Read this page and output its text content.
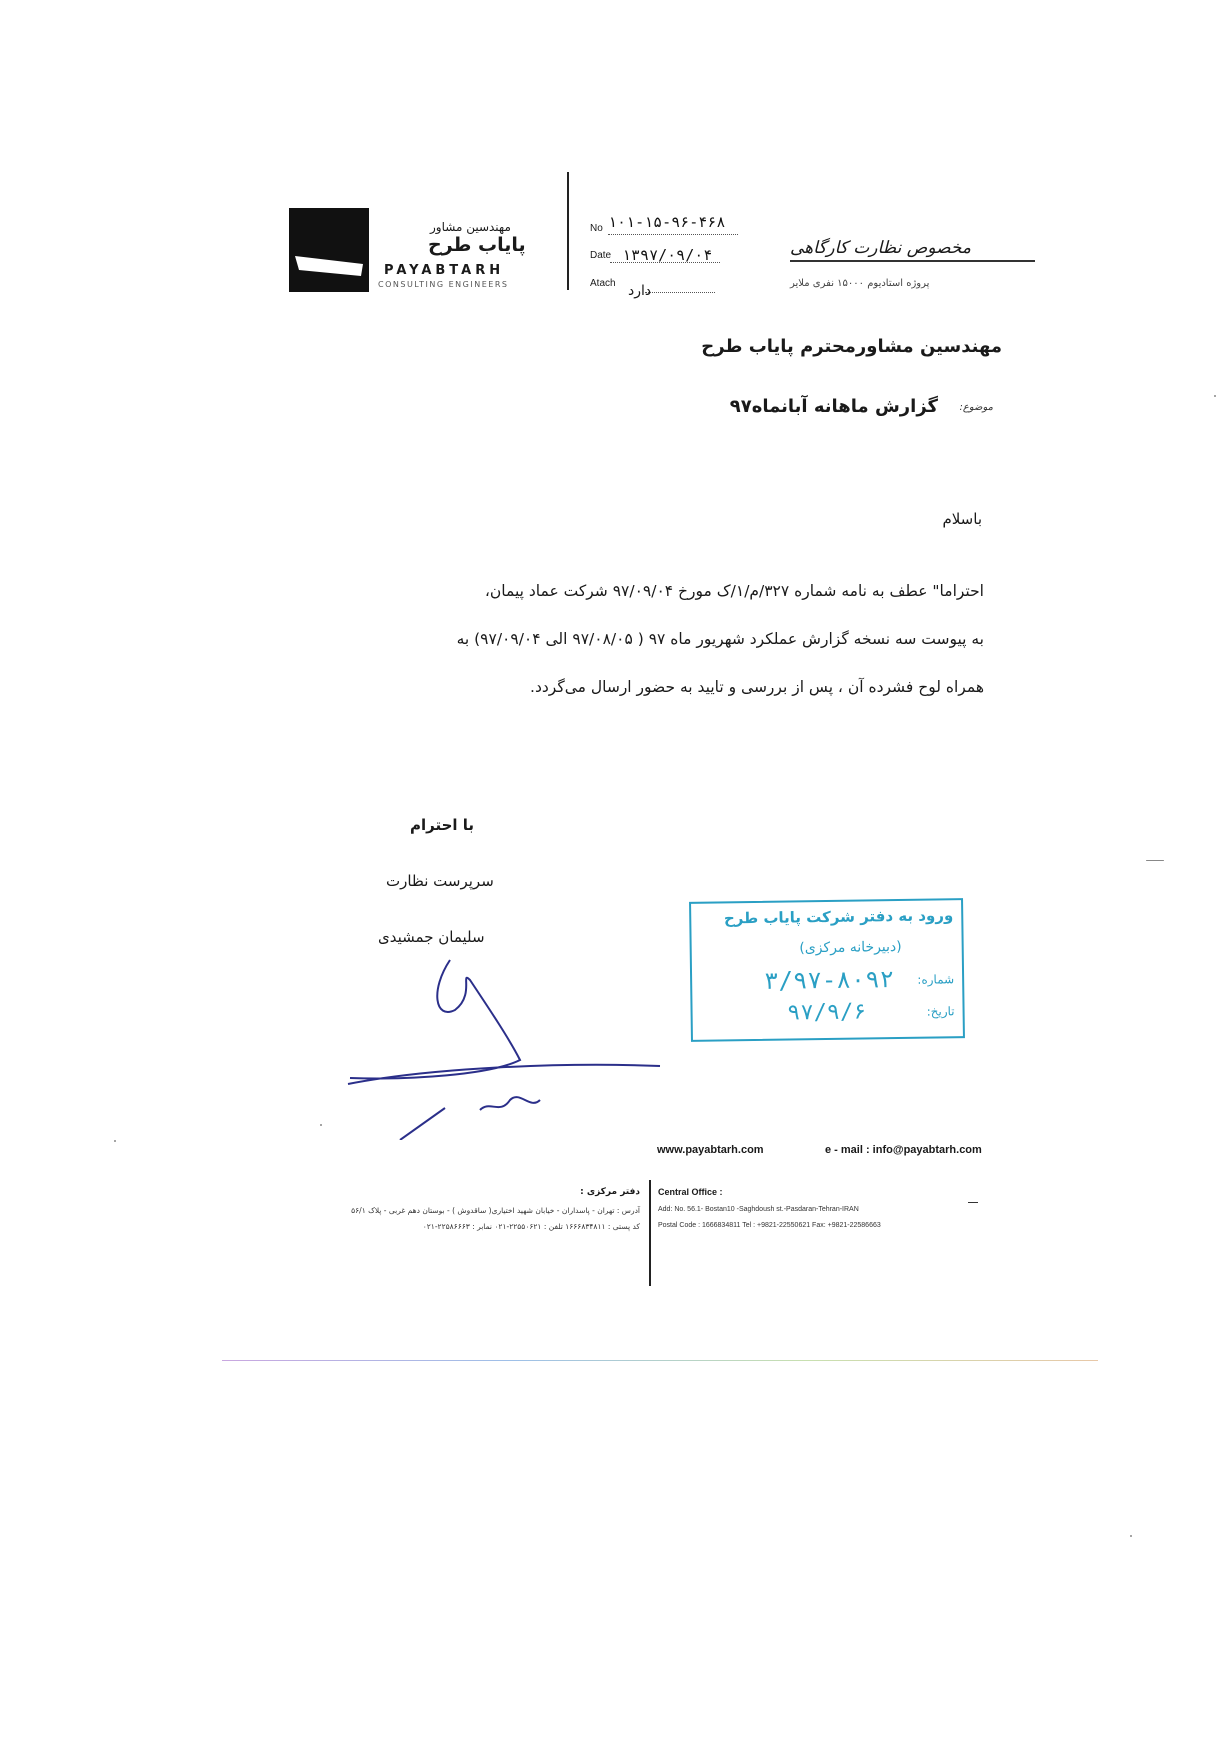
مهندسین مشاور
پایاب طرح
PAYABTARH
CONSULTING ENGINEERS
No ۱۰۱-۱۵-۹۶-۴۶۸
Date ۱۳۹۷/۰۹/۰۴
Atach دارد
مخصوص نظارت کارگاهی
پروژه استادیوم ۱۵۰۰۰ نفری ملایر
مهندسین مشاورمحترم پایاب طرح
موضوع:
گزارش ماهانه آبانماه۹۷
باسلام
احتراما" عطف به نامه شماره ۳۲۷/م/۱/ک مورخ ۹۷/۰۹/۰۴ شرکت عماد پیمان،
به پیوست سه نسخه گزارش عملکرد شهریور ماه ۹۷ ( ۹۷/۰۸/۰۵ الی ۹۷/۰۹/۰۴) به
همراه لوح فشرده آن ، پس از بررسی و تایید به حضور ارسال می‌گردد.
با احترام
سرپرست نظارت
سلیمان جمشیدی
ورود به دفتر شرکت پایاب طرح
(دبیرخانه مرکزی)
شماره:
۳/۹۷-۸۰۹۲
تاریخ:
۹۷/۹/۶
www.payabtarh.com	e - mail : info@payabtarh.com
Central Office :
Add: No. 56.1- Bostan10 -Saghdoush st.-Pasdaran-Tehran-IRAN
Postal Code : 1666834811 Tel : +9821-22550621 Fax: +9821-22586663
دفتر مرکزی :
آدرس : تهران - پاسداران - خیابان شهید اختیاری( ساقدوش ) - بوستان دهم غربی - پلاک ۵۶/۱
کد پستی : ۱۶۶۶۸۳۴۸۱۱ تلفن : ۲۲۵۵۰۶۲۱-۰۲۱ نمابر : ۲۲۵۸۶۶۶۳-۰۲۱
